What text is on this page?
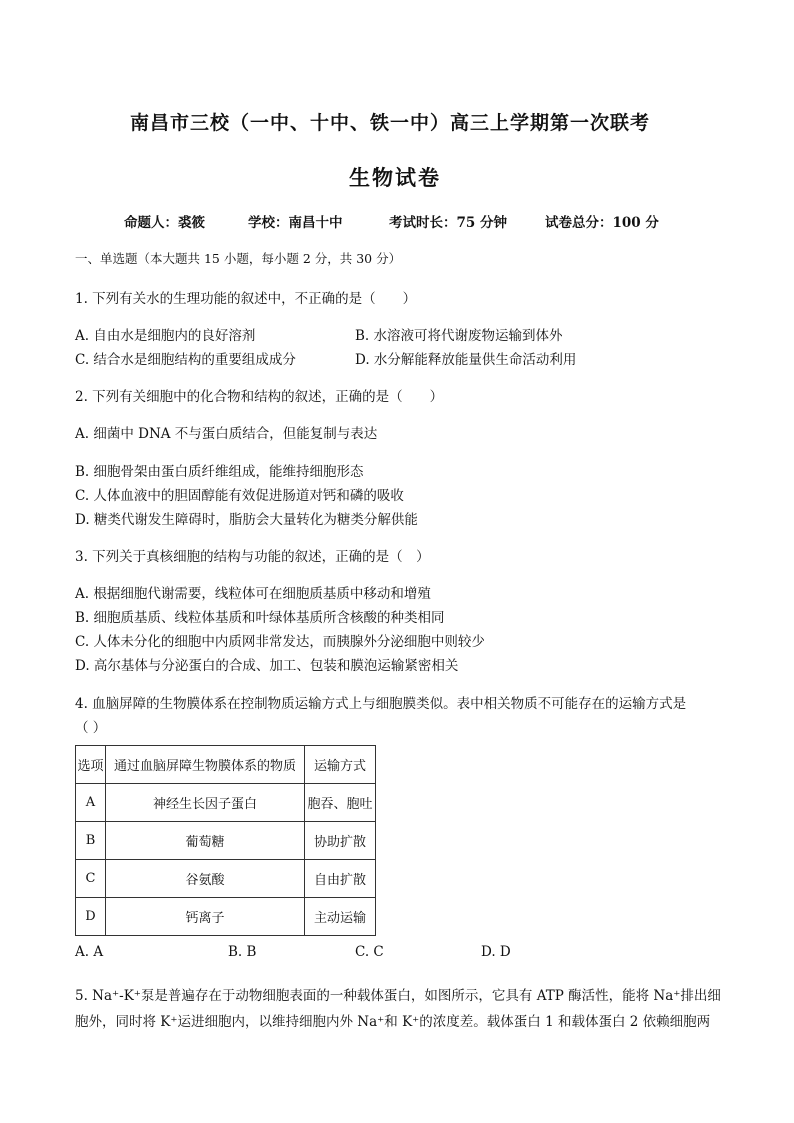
南昌市三校（一中、十中、铁一中）高三上学期第一次联考
生物试卷
命题人：裘筱	学校：南昌十中	考试时长：75 分钟	试卷总分：100 分
一、单选题（本大题共 15 小题，每小题 2 分，共 30 分）
1. 下列有关水的生理功能的叙述中，不正确的是（　　）
A. 自由水是细胞内的良好溶剂	B. 水溶液可将代谢废物运输到体外
C. 结合水是细胞结构的重要组成成分	D. 水分解能释放能量供生命活动利用
2. 下列有关细胞中的化合物和结构的叙述，正确的是（　　）
A. 细菌中 DNA 不与蛋白质结合，但能复制与表达
B. 细胞骨架由蛋白质纤维组成，能维持细胞形态
C. 人体血液中的胆固醇能有效促进肠道对钙和磷的吸收
D. 糖类代谢发生障碍时，脂肪会大量转化为糖类分解供能
3. 下列关于真核细胞的结构与功能的叙述，正确的是（　）
A. 根据细胞代谢需要，线粒体可在细胞质基质中移动和增殖
B. 细胞质基质、线粒体基质和叶绿体基质所含核酸的种类相同
C. 人体未分化的细胞中内质网非常发达，而胰腺外分泌细胞中则较少
D. 高尔基体与分泌蛋白的合成、加工、包装和膜泡运输紧密相关
4. 血脑屏障的生物膜体系在控制物质运输方式上与细胞膜类似。表中相关物质不可能存在的运输方式是
（ ）
选项	通过血脑屏障生物膜体系的物质	运输方式
A	神经生长因子蛋白	胞吞、胞吐
B	葡萄糖	协助扩散
C	谷氨酸	自由扩散
D	钙离子	主动运输
A. A	B. B	C. C	D. D
5. Na⁺-K⁺泵是普遍存在于动物细胞表面的一种载体蛋白，如图所示，它具有 ATP 酶活性，能将 Na⁺排出细
胞外，同时将 K⁺运进细胞内，以维持细胞内外 Na⁺和 K⁺的浓度差。载体蛋白 1 和载体蛋白 2 依赖细胞两
